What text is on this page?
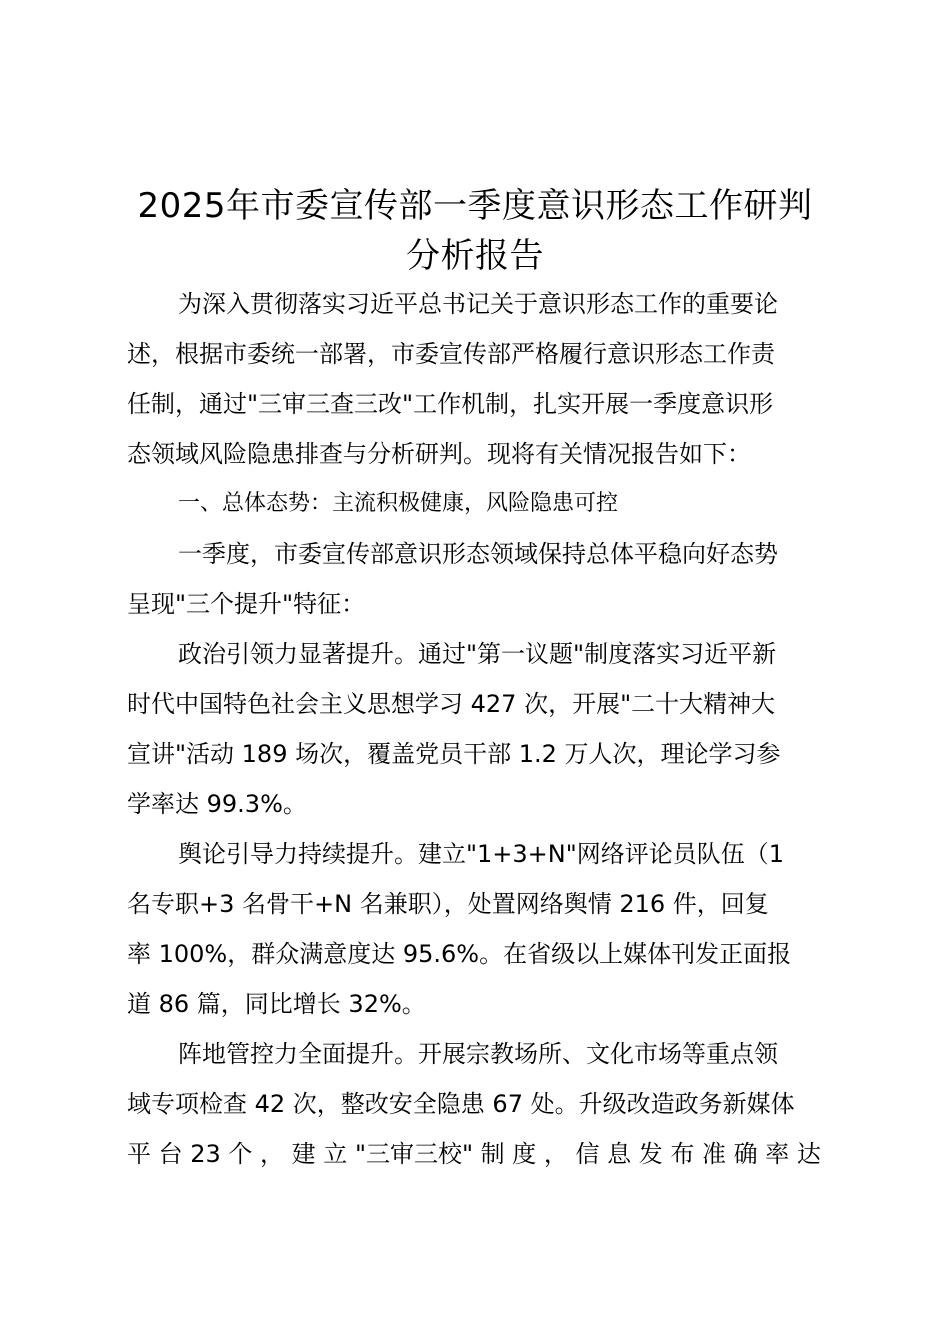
2025年市委宣传部一季度意识形态工作研判
分析报告
为深入贯彻落实习近平总书记关于意识形态工作的重要论
述，根据市委统一部署，市委宣传部严格履行意识形态工作责
任制，通过"三审三查三改"工作机制，扎实开展一季度意识形
态领域风险隐患排查与分析研判。现将有关情况报告如下：
一、总体态势：主流积极健康，风险隐患可控
一季度，市委宣传部意识形态领域保持总体平稳向好态势
呈现"三个提升"特征：
政治引领力显著提升。通过"第一议题"制度落实习近平新
时代中国特色社会主义思想学习 427 次，开展"二十大精神大
宣讲"活动 189 场次，覆盖党员干部 1.2 万人次，理论学习参
学率达 99.3%。
舆论引导力持续提升。建立"1+3+N"网络评论员队伍（1
名专职+3 名骨干+N 名兼职），处置网络舆情 216 件，回复
率 100%，群众满意度达 95.6%。在省级以上媒体刊发正面报
道 86 篇，同比增长 32%。
阵地管控力全面提升。开展宗教场所、文化市场等重点领
域专项检查 42 次，整改安全隐患 67 处。升级改造政务新媒体
平 台 23 个 ， 建 立 "三审三校" 制 度 ， 信 息 发 布 准 确 率 达
